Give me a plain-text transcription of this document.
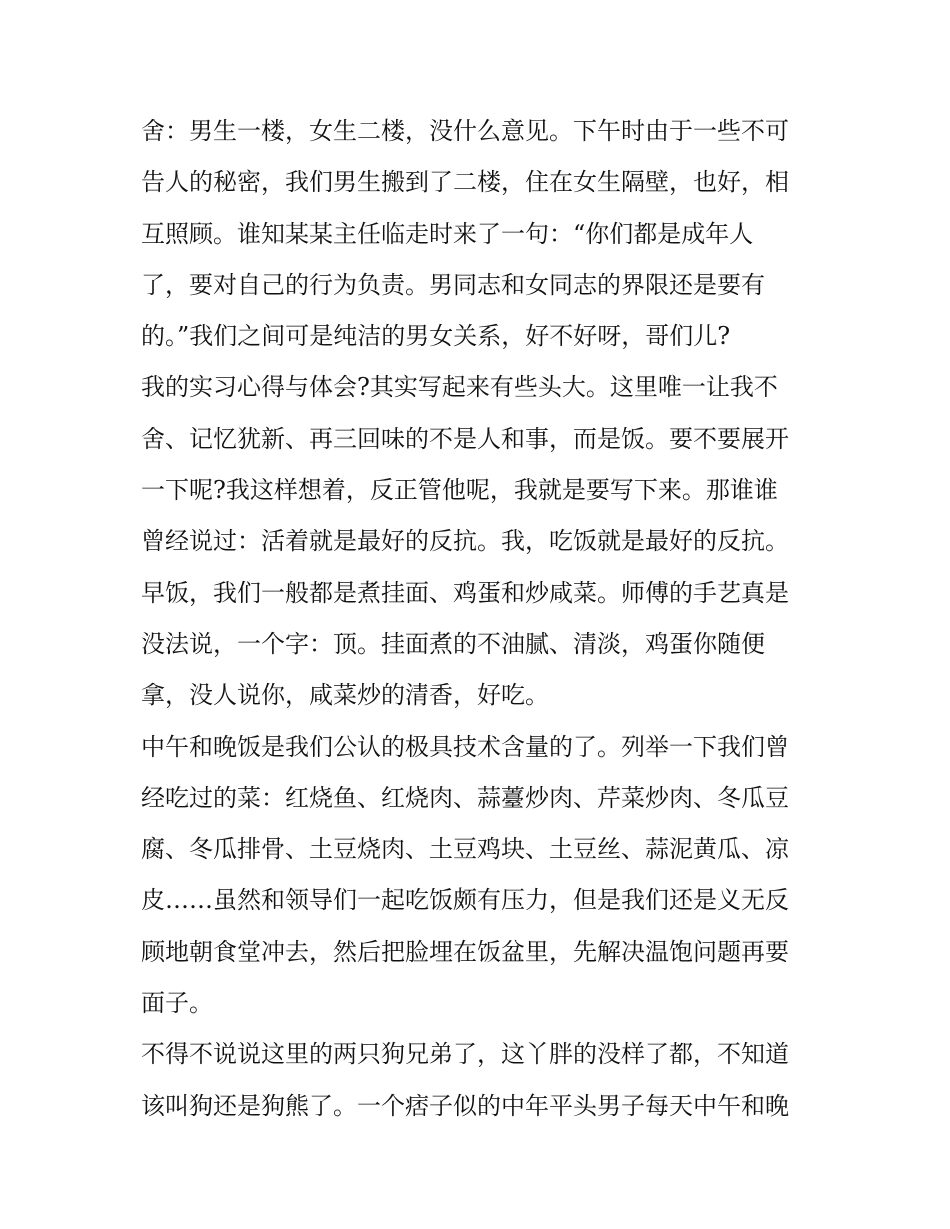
舍：男生一楼，女生二楼，没什么意见。下午时由于一些不可
告人的秘密，我们男生搬到了二楼，住在女生隔壁，也好，相
互照顾。谁知某某主任临走时来了一句：“你们都是成年人
了，要对自己的行为负责。男同志和女同志的界限还是要有
的。”我们之间可是纯洁的男女关系，好不好呀，哥们儿?
我的实习心得与体会?其实写起来有些头大。这里唯一让我不
舍、记忆犹新、再三回味的不是人和事，而是饭。要不要展开
一下呢?我这样想着，反正管他呢，我就是要写下来。那谁谁
曾经说过：活着就是最好的反抗。我，吃饭就是最好的反抗。
早饭，我们一般都是煮挂面、鸡蛋和炒咸菜。师傅的手艺真是
没法说，一个字：顶。挂面煮的不油腻、清淡，鸡蛋你随便
拿，没人说你，咸菜炒的清香，好吃。
中午和晚饭是我们公认的极具技术含量的了。列举一下我们曾
经吃过的菜：红烧鱼、红烧肉、蒜薹炒肉、芹菜炒肉、冬瓜豆
腐、冬瓜排骨、土豆烧肉、土豆鸡块、土豆丝、蒜泥黄瓜、凉
皮……虽然和领导们一起吃饭颇有压力，但是我们还是义无反
顾地朝食堂冲去，然后把脸埋在饭盆里，先解决温饱问题再要
面子。
不得不说说这里的两只狗兄弟了，这丫胖的没样了都，不知道
该叫狗还是狗熊了。一个痞子似的中年平头男子每天中午和晚
